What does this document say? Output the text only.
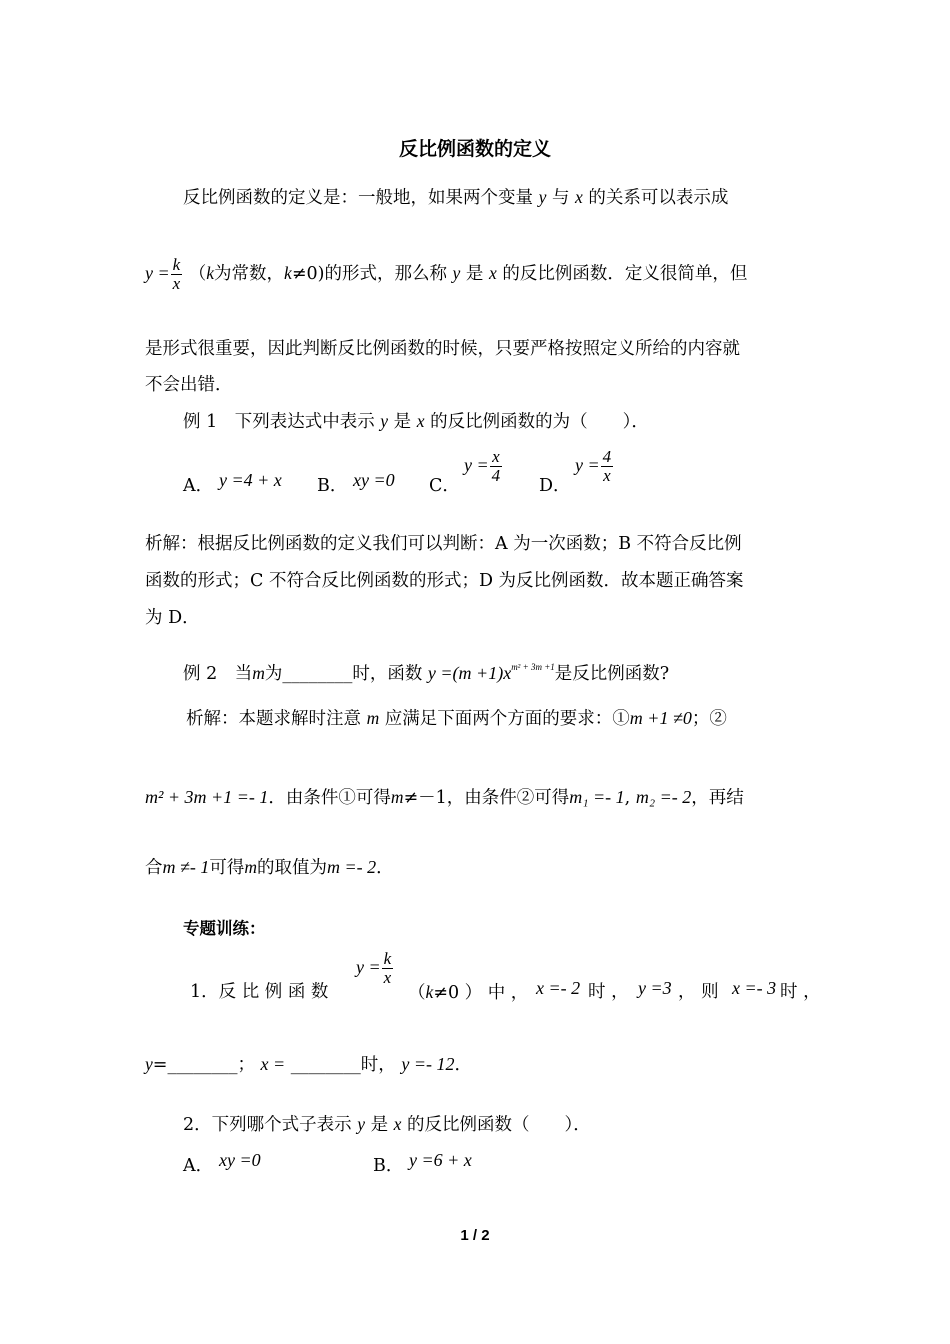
反比例函数的定义
反比例函数的定义是：一般地，如果两个变量 y 与 x 的关系可以表示成
$y = \frac{k}{x} (k$为常数，k≠0)的形式，那么称 y 是 x 的反比例函数．定义很简单，但
是形式很重要，因此判断反比例函数的时候，只要严格按照定义所给的内容就
不会出错．
例 1　下列表达式中表示 y 是 x 的反比例函数的为（　　）．
A． y =4 + x B． xy =0 C．
$y = \frac{x}{4}$
D．
$y = \frac{4}{x}$
析解：根据反比例函数的定义我们可以判断：A 为一次函数；B 不符合反比例
函数的形式；C 不符合反比例函数的形式；D 为反比例函数．故本题正确答案
为 D．
例 2　当m为________时，函数 $y =(m +1)x^{m^2 + 3m +1}$是反比例函数?
析解：本题求解时注意 m 应满足下面两个方面的要求：①m +1 ≠0；②
m² + 3m +1 =- 1．由条件①可得m≠－1，由条件②可得m₁ =- 1, m₂ =- 2，再结
合m ≠- 1可得m的取值为m =- 2．
专题训练：
1．反 比 例 函 数
$y = \frac{k}{x}$
（k≠0 ） 中 ， x =- 2 时 ， y =3 ， 则 x =- 3 时 ，
y=________； x = ________时， y =- 12．
2．下列哪个式子表示 y 是 x 的反比例函数（　　）．
A． xy =0	B． y =6 + x
1 / 2
